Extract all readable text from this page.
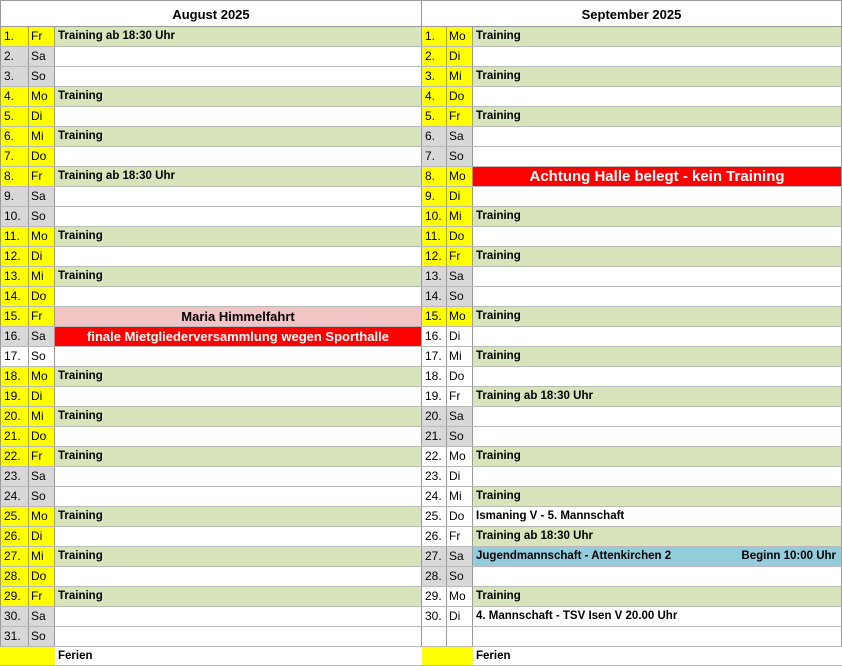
August 2025
1.	Fr	Training ab 18:30 Uhr
2.	Sa
3.	So
4.	Mo Training
5.	Di
6.	Mi	Training
7.	Do
8.	Fr	Training ab 18:30 Uhr
9.	Sa
10. So
11. Mo Training
12. Di
13. Mi	Training
14. Do
15. Fr	Maria Himmelfahrt
16. Sa	finale Mietgliederversammlung wegen Sporthalle
17. So
18. Mo Training
19. Di
20. Mi	Training
21. Do
22. Fr	Training
23. Sa
24. So
25. Mo Training
26. Di
27. Mi	Training
28. Do
29. Fr	Training
30. Sa
31. So
Ferien
September 2025
1.	Mo Training
2.	Di
3.	Mi	Training
4.	Do
5.	Fr	Training
6.	Sa
7.	So
8.	Mo	Achtung Halle belegt - kein Training
9.	Di
10. Mi	Training
11. Do
12. Fr	Training
13. Sa
14. So
15. Mo Training
16. Di
17. Mi	Training
18. Do
19. Fr	Training ab 18:30 Uhr
20. Sa
21. So
22. Mo Training
23. Di
24. Mi	Training
25. Do	Ismaning V - 5. Mannschaft
26. Fr	Training ab 18:30 Uhr
27. Sa	Jugendmannschaft - Attenkirchen 2	Beginn 10:00 Uhr
28. So
29. Mo Training
30. Di	4. Mannschaft - TSV Isen V 20.00 Uhr
Ferien
